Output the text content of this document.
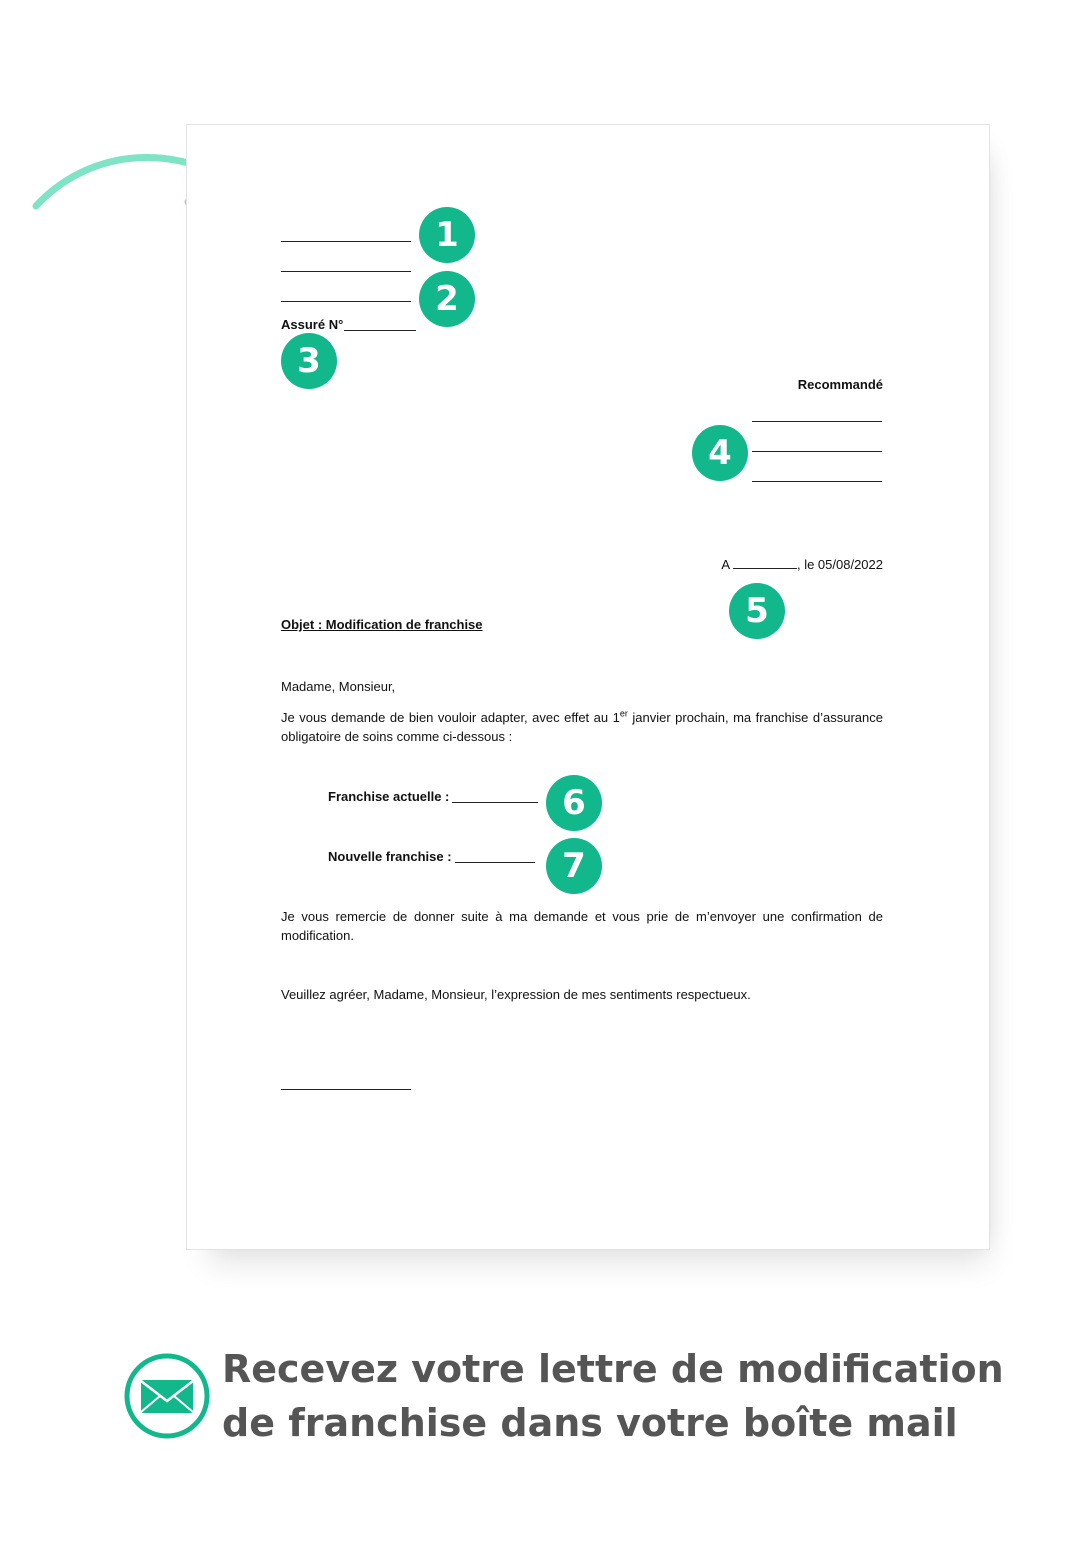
1
2
Assuré N°
3
Recommandé
4
A	, le 05/08/2022
5
Objet : Modification de franchise
Madame, Monsieur,
Je vous demande de bien vouloir adapter, avec effet au 1er janvier prochain, ma franchise d’assurance obligatoire de soins comme ci-dessous :
Franchise actuelle :	6
Nouvelle franchise :	7
Je vous remercie de donner suite à ma demande et vous prie de m’envoyer une confirmation de modification.
Veuillez agréer, Madame, Monsieur, l’expression de mes sentiments respectueux.
Recevez votre lettre de modification
de franchise dans votre boîte mail
